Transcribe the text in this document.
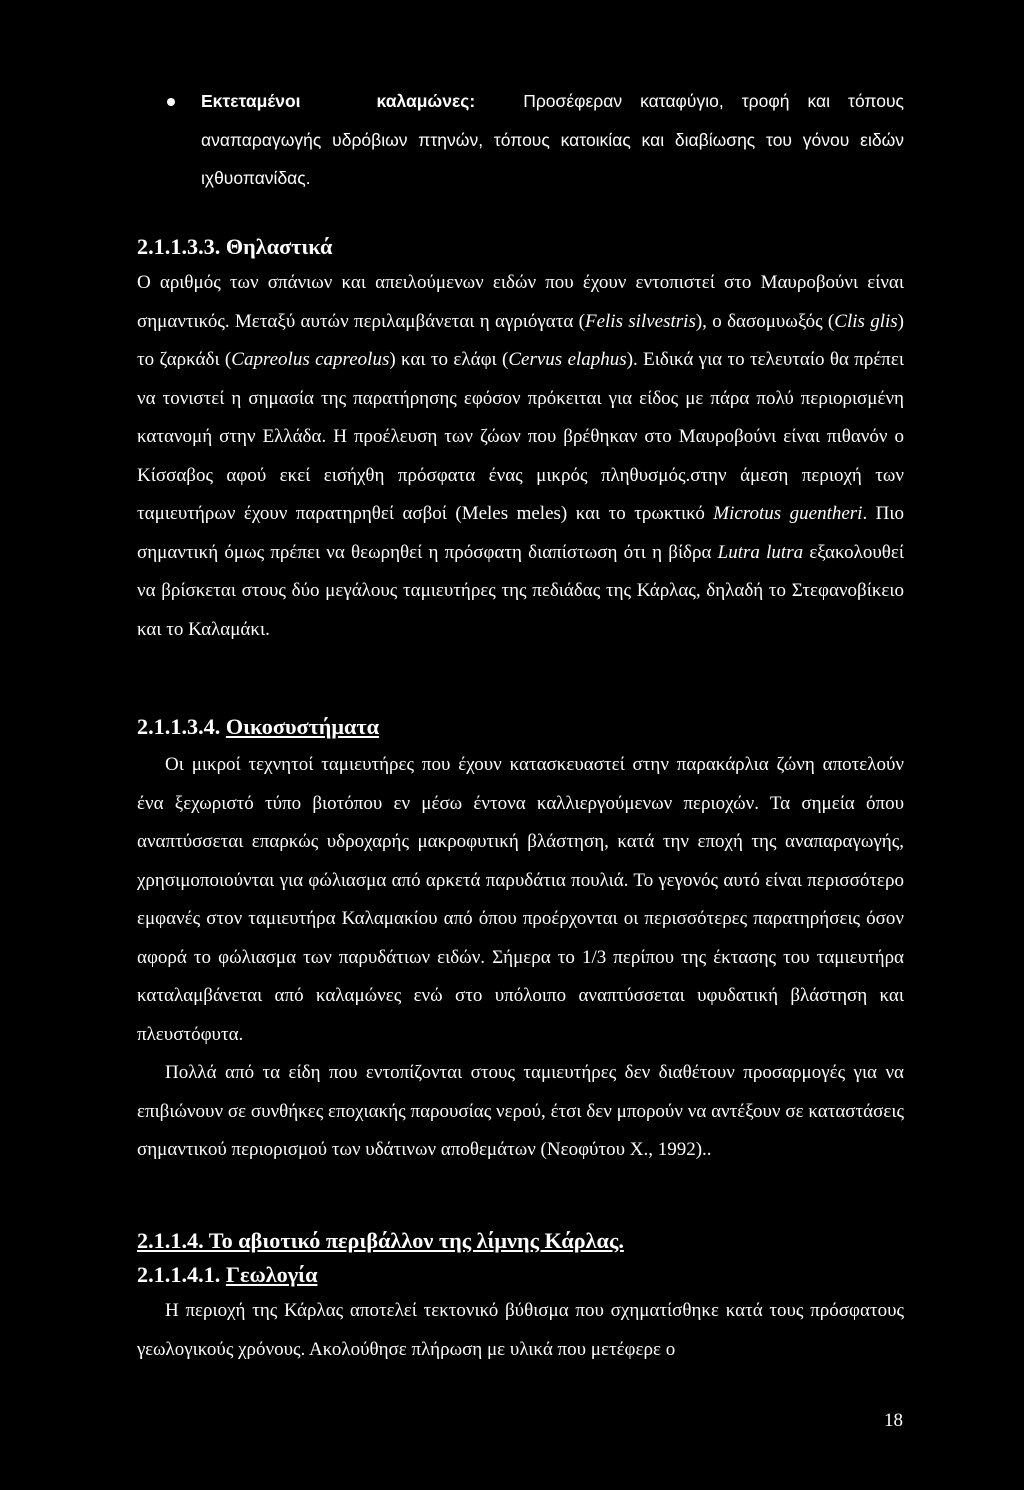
Εκτεταμένοι	καλαμώνες:	Προσέφεραν καταφύγιο, τροφή και τόπους αναπαραγωγής υδρόβιων πτηνών, τόπους κατοικίας και διαβίωσης του γόνου ειδών ιχθυοπανίδας.

2.1.1.3.3. Θηλαστικά

Ο αριθμός των σπάνιων και απειλούμενων ειδών που έχουν εντοπιστεί στο Μαυροβούνι είναι σημαντικός. Μεταξύ αυτών περιλαμβάνεται η αγριόγατα (Felis silvestris), ο δασομυωξός (Clis glis) το ζαρκάδι (Capreolus capreolus) και το ελάφι (Cervus elaphus). Ειδικά για το τελευταίο θα πρέπει να τονιστεί η σημασία της παρατήρησης εφόσον πρόκειται για είδος με πάρα πολύ περιορισμένη κατανομή στην Ελλάδα. Η προέλευση των ζώων που βρέθηκαν στο Μαυροβούνι είναι πιθανόν ο Κίσσαβος αφού εκεί εισήχθη πρόσφατα ένας μικρός πληθυσμός.στην άμεση περιοχή των ταμιευτήρων έχουν παρατηρηθεί ασβοί (Meles meles) και το τρωκτικό Microtus guentheri. Πιο σημαντική όμως πρέπει να θεωρηθεί η πρόσφατη διαπίστωση ότι η βίδρα Lutra lutra εξακολουθεί να βρίσκεται στους δύο μεγάλους ταμιευτήρες της πεδιάδας της Κάρλας, δηλαδή το Στεφανοβίκειο και το Καλαμάκι.

2.1.1.3.4. Οικοσυστήματα

Οι μικροί τεχνητοί ταμιευτήρες που έχουν κατασκευαστεί στην παρακάρλια ζώνη αποτελούν ένα ξεχωριστό τύπο βιοτόπου εν μέσω έντονα καλλιεργούμενων περιοχών. Τα σημεία όπου αναπτύσσεται επαρκώς υδροχαρής μακροφυτική βλάστηση, κατά την εποχή της αναπαραγωγής, χρησιμοποιούνται για φώλιασμα από αρκετά παρυδάτια πουλιά. Το γεγονός αυτό είναι περισσότερο εμφανές στον ταμιευτήρα Καλαμακίου από όπου προέρχονται οι περισσότερες παρατηρήσεις όσον αφορά το φώλιασμα των παρυδάτιων ειδών. Σήμερα το 1/3 περίπου της έκτασης του ταμιευτήρα καταλαμβάνεται από καλαμώνες ενώ στο υπόλοιπο αναπτύσσεται υφυδατική βλάστηση και πλευστόφυτα.

Πολλά από τα είδη που εντοπίζονται στους ταμιευτήρες δεν διαθέτουν προσαρμογές για να επιβιώνουν σε συνθήκες εποχιακής παρουσίας νερού, έτσι δεν μπορούν να αντέξουν σε καταστάσεις σημαντικού περιορισμού των υδάτινων αποθεμάτων (Νεοφύτου Χ., 1992)..

2.1.1.4. Το αβιοτικό περιβάλλον της λίμνης Κάρλας.
2.1.1.4.1. Γεωλογία

Η περιοχή της Κάρλας αποτελεί τεκτονικό βύθισμα που σχηματίσθηκε κατά τους πρόσφατους γεωλογικούς χρόνους. Ακολούθησε πλήρωση με υλικά που μετέφερε ο

18
